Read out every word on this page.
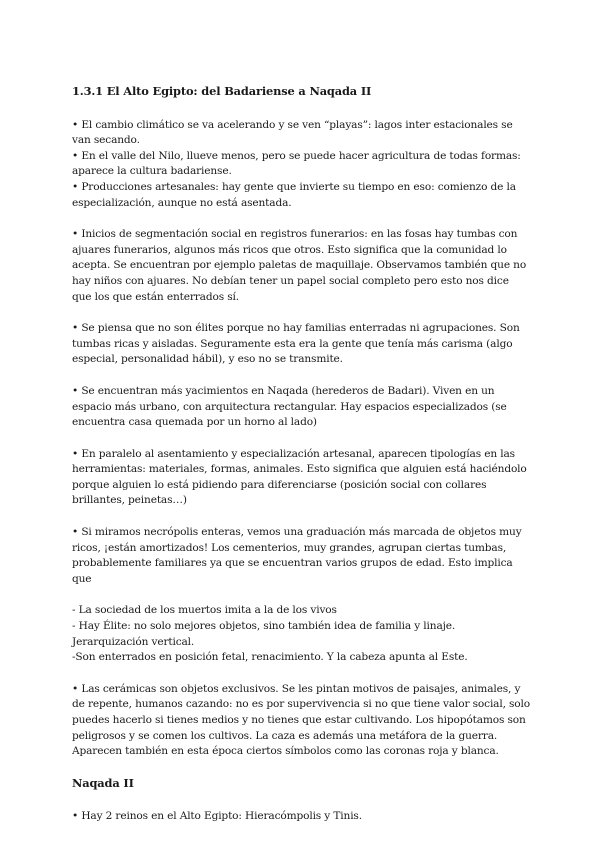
1.3.1 El Alto Egipto: del Badariense a Naqada II

• El cambio climático se va acelerando y se ven “playas”: lagos inter estacionales se van secando.

• En el valle del Nilo, llueve menos, pero se puede hacer agricultura de todas formas: aparece la cultura badariense.

• Producciones artesanales: hay gente que invierte su tiempo en eso: comienzo de la especialización, aunque no está asentada.

• Inicios de segmentación social en registros funerarios: en las fosas hay tumbas con ajuares funerarios, algunos más ricos que otros. Esto significa que la comunidad lo acepta. Se encuentran por ejemplo paletas de maquillaje. Observamos también que no hay niños con ajuares. No debían tener un papel social completo pero esto nos dice que los que están enterrados sí.
• Se piensa que no son élites porque no hay familias enterradas ni agrupaciones. Son tumbas ricas y aisladas. Seguramente esta era la gente que tenía más carisma (algo especial, personalidad hábil), y eso no se transmite.
• Se encuentran más yacimientos en Naqada (herederos de Badari). Viven en un espacio más urbano, con arquitectura rectangular. Hay espacios especializados (se encuentra casa quemada por un horno al lado)
• En paralelo al asentamiento y especialización artesanal, aparecen tipologías en las herramientas: materiales, formas, animales. Esto significa que alguien está haciéndolo porque alguien lo está pidiendo para diferenciarse (posición social con collares brillantes, peinetas…)
• Si miramos necrópolis enteras, vemos una graduación más marcada de objetos muy ricos, ¡están amortizados! Los cementerios, muy grandes, agrupan ciertas tumbas, probablemente familiares ya que se encuentran varios grupos de edad. Esto implica que

- La sociedad de los muertos imita a la de los vivos

- Hay Élite: no solo mejores objetos, sino también idea de familia y linaje. Jerarquización vertical.

-Son enterrados en posición fetal, renacimiento. Y la cabeza apunta al Este.

• Las cerámicas son objetos exclusivos. Se les pintan motivos de paisajes, animales, y de repente, humanos cazando: no es por supervivencia si no que tiene valor social, solo puedes hacerlo si tienes medios y no tienes que estar cultivando. Los hipopótamos son peligrosos y se comen los cultivos. La caza es además una metáfora de la guerra. Aparecen también en esta época ciertos símbolos como las coronas roja y blanca.
Naqada II
• Hay 2 reinos en el Alto Egipto: Hieracómpolis y Tinis.
